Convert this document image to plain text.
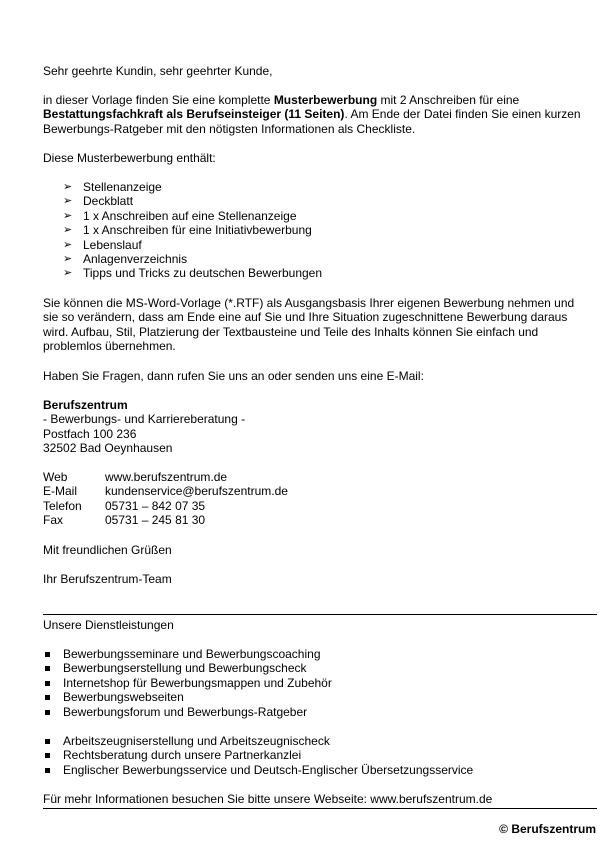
Sehr geehrte Kundin, sehr geehrter Kunde,

in dieser Vorlage finden Sie eine komplette Musterbewerbung mit 2 Anschreiben für eine Bestattungsfachkraft als Berufseinsteiger (11 Seiten). Am Ende der Datei finden Sie einen kurzen Bewerbungs-Ratgeber mit den nötigsten Informationen als Checkliste.

Diese Musterbewerbung enthält:

➢ Stellenanzeige
➢ Deckblatt
➢ 1 x Anschreiben auf eine Stellenanzeige
➢ 1 x Anschreiben für eine Initiativbewerbung
➢ Lebenslauf
➢ Anlagenverzeichnis
➢ Tipps und Tricks zu deutschen Bewerbungen

Sie können die MS-Word-Vorlage (*.RTF) als Ausgangsbasis Ihrer eigenen Bewerbung nehmen und sie so verändern, dass am Ende eine auf Sie und Ihre Situation zugeschnittene Bewerbung daraus wird. Aufbau, Stil, Platzierung der Textbausteine und Teile des Inhalts können Sie einfach und problemlos übernehmen.

Haben Sie Fragen, dann rufen Sie uns an oder senden uns eine E-Mail:

Berufszentrum
- Bewerbungs- und Karriereberatung -
Postfach 100 236
32502 Bad Oeynhausen
Web	www.berufszentrum.de
E-Mail	kundenservice@berufszentrum.de
Telefon	05731 – 842 07 35
Fax	05731 – 245 81 30

Mit freundlichen Grüßen

Ihr Berufszentrum-Team

Unsere Dienstleistungen

Bewerbungsseminare und Bewerbungscoaching
Bewerbungserstellung und Bewerbungscheck
Internetshop für Bewerbungsmappen und Zubehör
Bewerbungswebseiten
Bewerbungsforum und Bewerbungs-Ratgeber
Arbeitszeugniserstellung und Arbeitszeugnischeck
Rechtsberatung durch unsere Partnerkanzlei
Englischer Bewerbungsservice und Deutsch-Englischer Übersetzungsservice

Für mehr Informationen besuchen Sie bitte unsere Webseite: www.berufszentrum.de

© Berufszentrum
